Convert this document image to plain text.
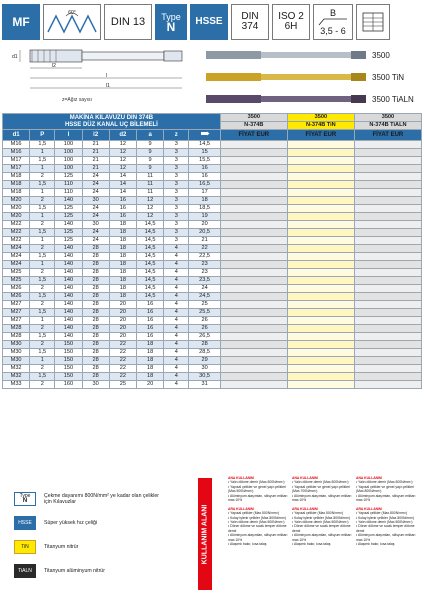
MF
60°
DIN 13 Type
N HSSE DIN
374
ISO 2
6H
B
3,5 - 6
d1
l
l2
l1
z=Ağız sayısı
3500
3500 TiN
3500 TiALN
MAKİNA KILAVUZU DIN 374B
HSSE DÜZ KANAL UÇ BİLEMELİ								3500	3500	3500
								N-374B	N-374B TiN	N-374B TiALN
d1	P	l	l2	d2	a	z		FİYAT EUR	FİYAT EUR	FİYAT EUR
M16	1,5	100	21	12	9	3	14,5			
M16	1	100	21	12	9	3	15			
M17	1,5	100	21	12	9	3	15,5			
M17	1	100	21	12	9	3	16			
M18	2	125	24	14	11	3	16			
M18	1,5	110	24	14	11	3	16,5			
M18	1	110	24	14	11	3	17			
M20	2	140	30	16	12	3	18			
M20	1,5	125	24	16	12	3	18,5			
M20	1	125	24	16	12	3	19			
M22	2	140	30	18	14,5	3	20			
M22	1,5	125	24	18	14,5	3	20,5			
M22	1	125	24	18	14,5	3	21			
M24	2	140	28	18	14,5	4	22			
M24	1,5	140	28	18	14,5	4	22,5			
M24	1	140	28	18	14,5	4	23			
M25	2	140	28	18	14,5	4	23			
M25	1,5	140	28	18	14,5	4	23,5			
M26	2	140	28	18	14,5	4	24			
M26	1,5	140	28	18	14,5	4	24,5			
M27	2	140	28	20	16	4	25			
M27	1,5	140	28	20	16	4	25,5			
M27	1	140	28	20	16	4	26			
M28	2	140	28	20	16	4	26			
M28	1,5	140	28	20	16	4	26,5			
M30	2	150	28	22	18	4	28			
M30	1,5	150	28	22	18	4	28,5			
M30	1	150	28	22	18	4	29			
M32	2	150	28	22	18	4	30			
M32	1,5	150	28	22	18	4	30,5			
M33	2	160	30	25	20	4	31			
Type
N
Çekme dayanımı 800N/mm² ye kadar olan çelikler için Kılavuzlar
HSSE	Süper yüksek hız çeliği
TiN	Titanyum nitrür
TiALN	Titanyum alüminyum nitrür
KULLANIM ALANI
ANA KULLANIM
• Yalın dökme demir (Max.500N/mm²)
• Yapısal çelikler ve genel yapı çelikleri (Max.500N/mm²)
• Alüminyum alaşımları, silisyum miktarı max.10%

ARA KULLANIM
• Yapısal çelikler (Max.500N/mm²)
• Kolay işlenir çelikler (Max.800N/mm²)
• Yalın dökme demir (Max.500N/mm²)
• Döner dökme ve sıcak temper dökme demir
• Alüminyum alaşımları, silisyum miktarı max.10%
• Alaşımlı bakır, kısa talaş
ANA KULLANIM
• Yalın dökme demir (Max.500N/mm²)
• Yapısal çelikler ve genel yapı çelikleri (Max.700N/mm²)
• Alüminyum alaşımları, silisyum miktarı max.10%

ARA KULLANIM
• Yapısal çelikler (Max.500N/mm²)
• Kolay işlenir çelikler (Max.800N/mm²)
• Yalın dökme demir (Max.500N/mm²)
• Döner dökme ve sıcak temper dökme demir
• Alüminyum alaşımları, silisyum miktarı max.10%
• Alaşımlı bakır, kısa talaş
ANA KULLANIM
• Yalın dökme demir (Max.500N/mm²)
• Yapısal çelikler ve genel yapı çelikleri (Max.800N/mm²)
• Alüminyum alaşımları, silisyum miktarı max.10%

ARA KULLANIM
• Yapısal çelikler (Max.800N/mm²)
• Kolay işlenir çelikler (Max.800N/mm²)
• Yalın dökme demir (Max.500N/mm²)
• Döner dökme ve sıcak temper dökme demir
• Alüminyum alaşımları, silisyum miktarı max.10%
• Alaşımlı bakır, kısa talaş
